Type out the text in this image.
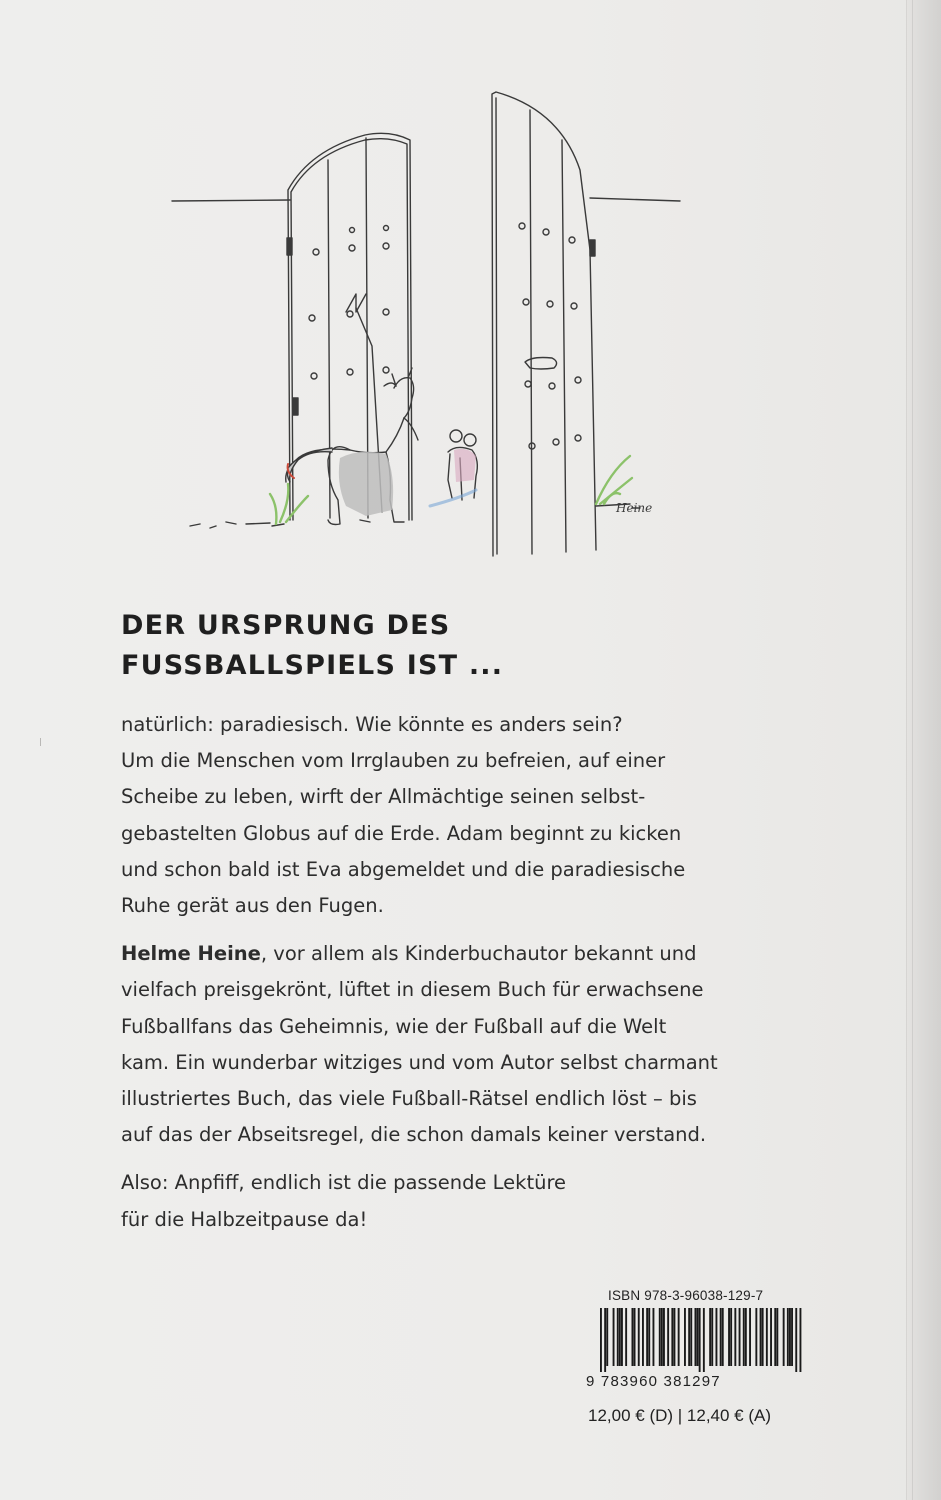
Heine
DER URSPRUNG DES
FUSSBALLSPIELS IST ...

natürlich: paradiesisch. Wie könnte es anders sein?
Um die Menschen vom Irrglauben zu befreien, auf einer
Scheibe zu leben, wirft der Allmächtige seinen selbst-
gebastelten Globus auf die Erde. Adam beginnt zu kicken
und schon bald ist Eva abgemeldet und die paradiesische
Ruhe gerät aus den Fugen.

Helme Heine, vor allem als Kinderbuchautor bekannt und
vielfach preisgekrönt, lüftet in diesem Buch für erwachsene
Fußballfans das Geheimnis, wie der Fußball auf die Welt
kam. Ein wunderbar witziges und vom Autor selbst charmant
illustriertes Buch, das viele Fußball-Rätsel endlich löst – bis
auf das der Abseitsregel, die schon damals keiner verstand.

Also: Anpfiff, endlich ist die passende Lektüre
für die Halbzeitpause da!

ISBN 978-3-96038-129-7
9 783960 381297
12,00 € (D) | 12,40 € (A)
